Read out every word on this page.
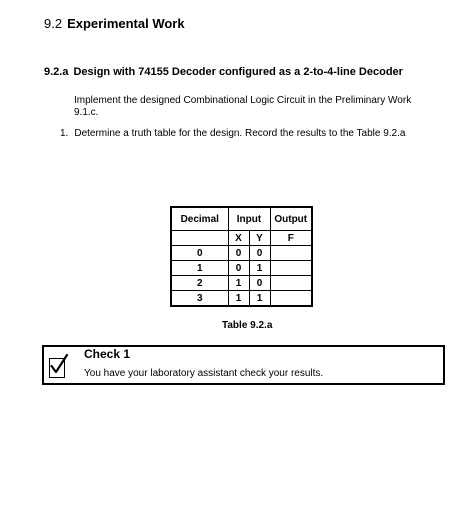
9.2 Experimental Work
9.2.a Design with 74155 Decoder configured as a 2-to-4-line Decoder
Implement the designed Combinational Logic Circuit in the Preliminary Work 9.1.c.
1. Determine a truth table for the design. Record the results to the Table 9.2.a
Decimal	Input		Output
	X	Y	F
0	0	0	
1	0	1	
2	1	0	
3	1	1	
Table 9.2.a
Check 1
You have your laboratory assistant check your results.
